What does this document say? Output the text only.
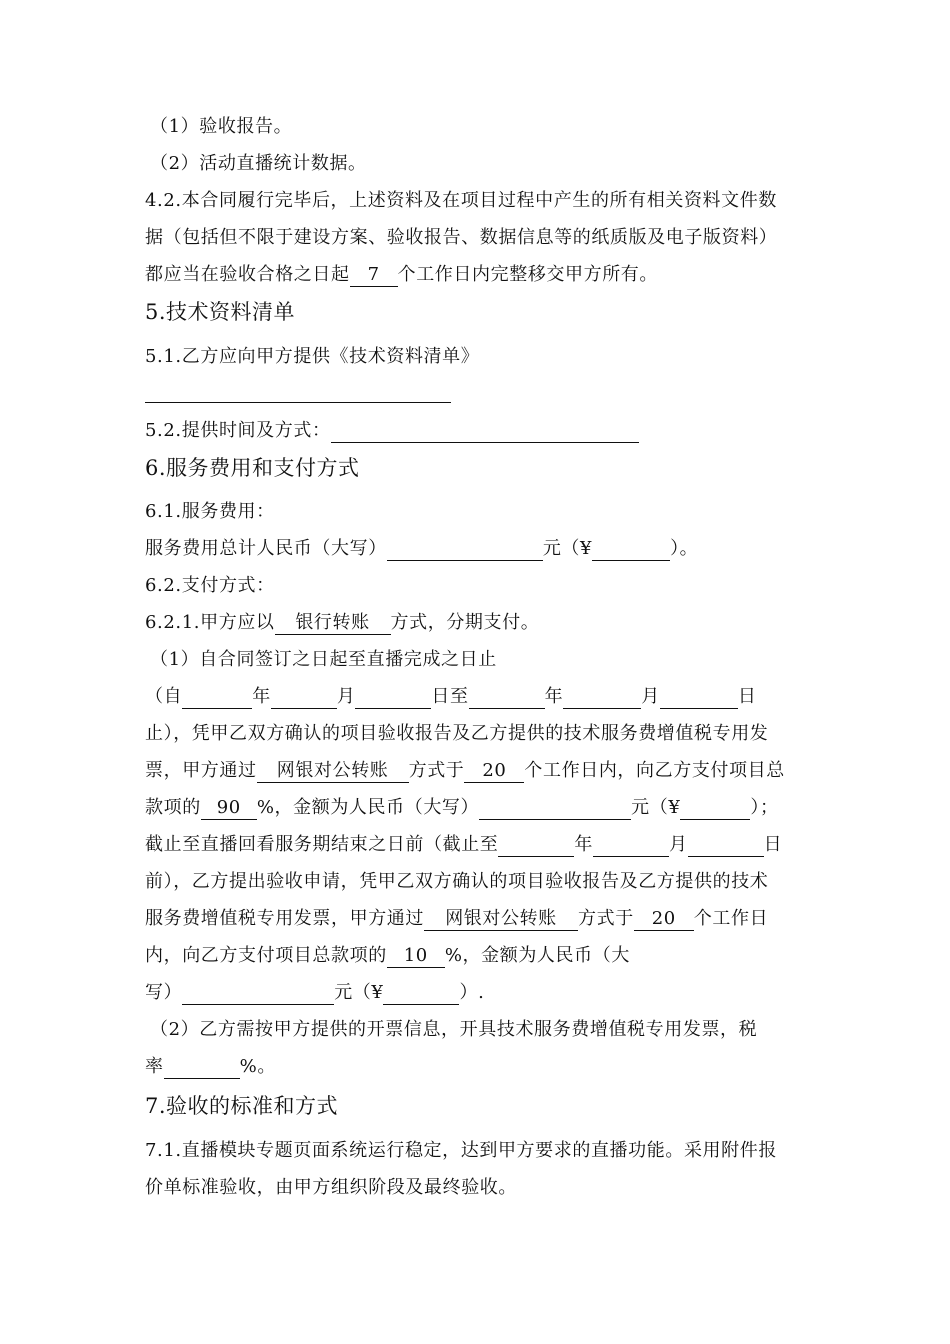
（1）验收报告。
（2）活动直播统计数据。
4.2.本合同履行完毕后，上述资料及在项目过程中产生的所有相关资料文件数
据（包括但不限于建设方案、验收报告、数据信息等的纸质版及电子版资料）
都应当在验收合格之日起 7 个工作日内完整移交甲方所有。
5.技术资料清单
5.1.乙方应向甲方提供《技术资料清单》
5.2.提供时间及方式：
6.服务费用和支付方式
6.1.服务费用：
服务费用总计人民币（大写）	元（¥	）。
6.2.支付方式：
6.2.1.甲方应以 银行转账 方式，分期支付。
（1）自合同签订之日起至直播完成之日止
（自	年	月	日至	年	月	日
止），凭甲乙双方确认的项目验收报告及乙方提供的技术服务费增值税专用发
票，甲方通过 网银对公转账 方式于 20 个工作日内，向乙方支付项目总
款项的 90 %，金额为人民币（大写）	元（¥	）；
截止至直播回看服务期结束之日前（截止至	年	月	日
前），乙方提出验收申请，凭甲乙双方确认的项目验收报告及乙方提供的技术
服务费增值税专用发票，甲方通过 网银对公转账 方式于 20 个工作日
内，向乙方支付项目总款项的 10 %，金额为人民币（大
写）	元（¥	）.
（2）乙方需按甲方提供的开票信息，开具技术服务费增值税专用发票，税
率	%。
7.验收的标准和方式
7.1.直播模块专题页面系统运行稳定，达到甲方要求的直播功能。采用附件报
价单标准验收，由甲方组织阶段及最终验收。
